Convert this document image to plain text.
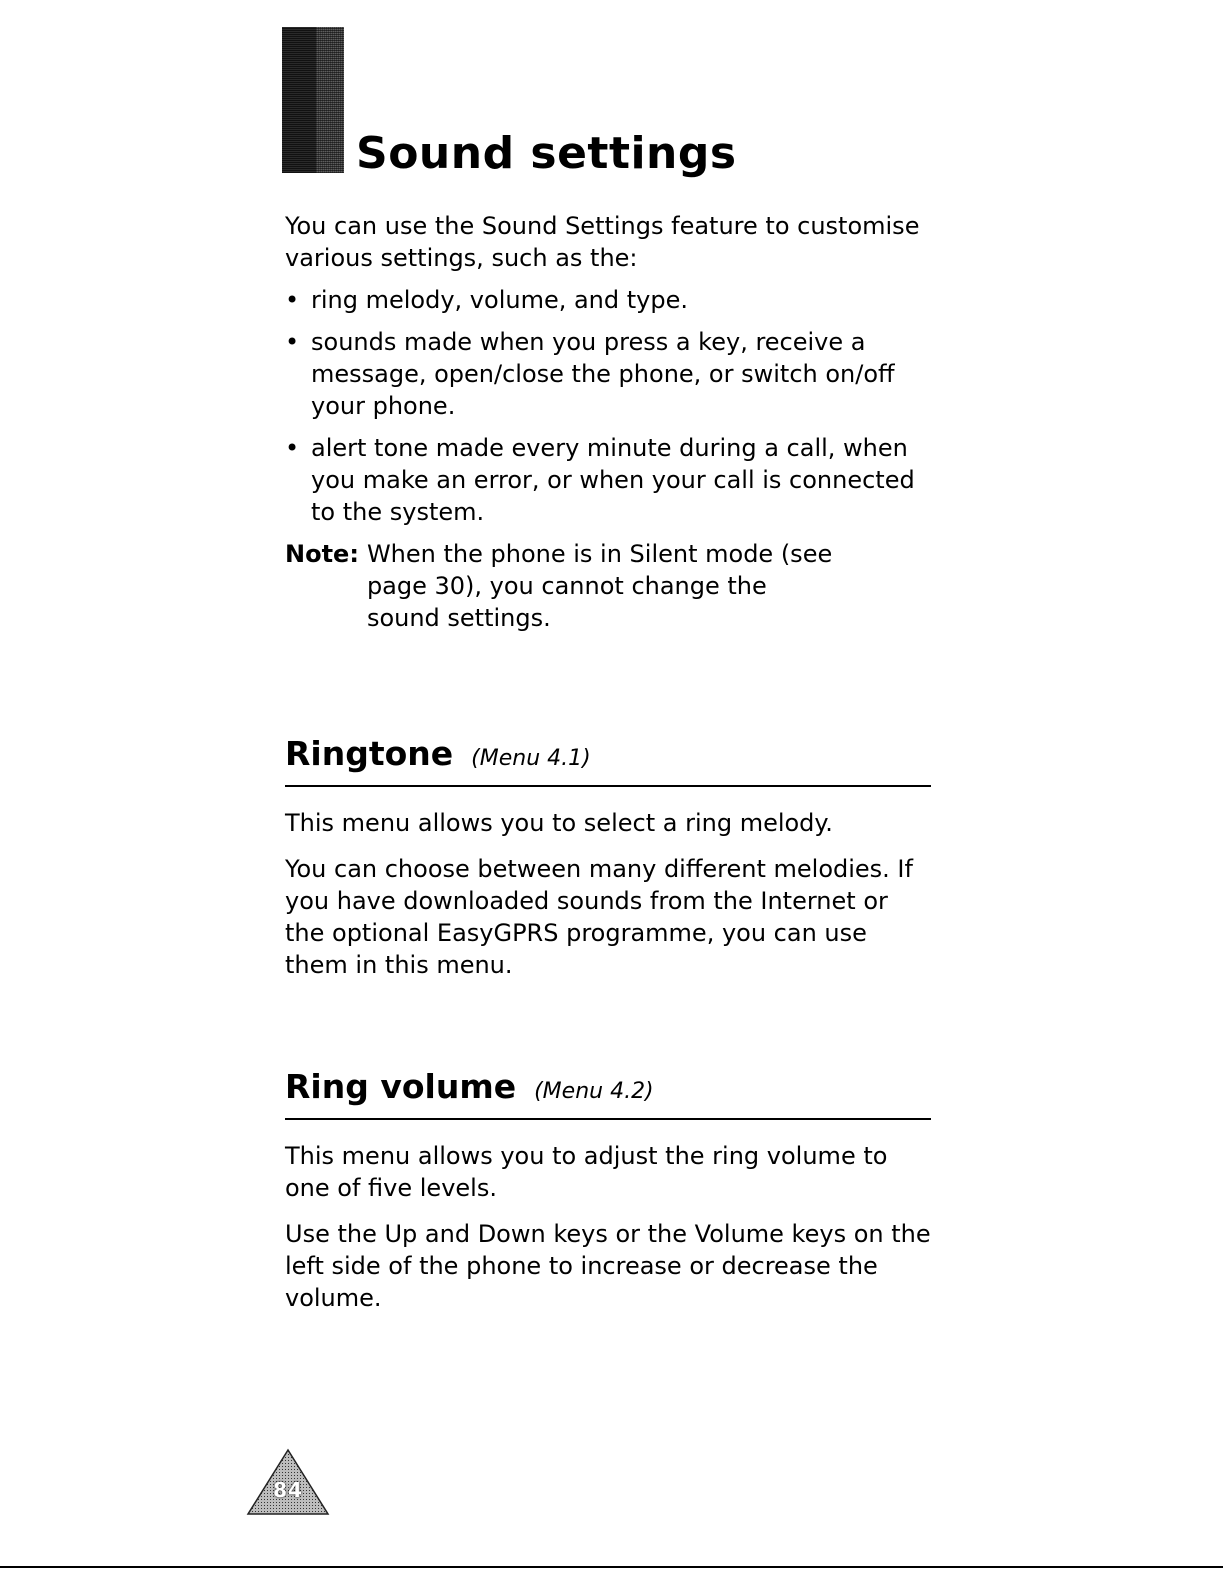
Sound settings

You can use the Sound Settings feature to customise various settings, such as the:

• ring melody, volume, and type.
• sounds made when you press a key, receive a message, open/close the phone, or switch on/off your phone.
• alert tone made every minute during a call, when you make an error, or when your call is connected to the system.
Note: When the phone is in Silent mode (see page 30), you cannot change the sound settings.
Ringtone (Menu 4.1)

This menu allows you to select a ring melody.

You can choose between many different melodies. If you have downloaded sounds from the Internet or the optional EasyGPRS programme, you can use them in this menu.

Ring volume (Menu 4.2)

This menu allows you to adjust the ring volume to one of five levels.

Use the Up and Down keys or the Volume keys on the left side of the phone to increase or decrease the volume.

84
